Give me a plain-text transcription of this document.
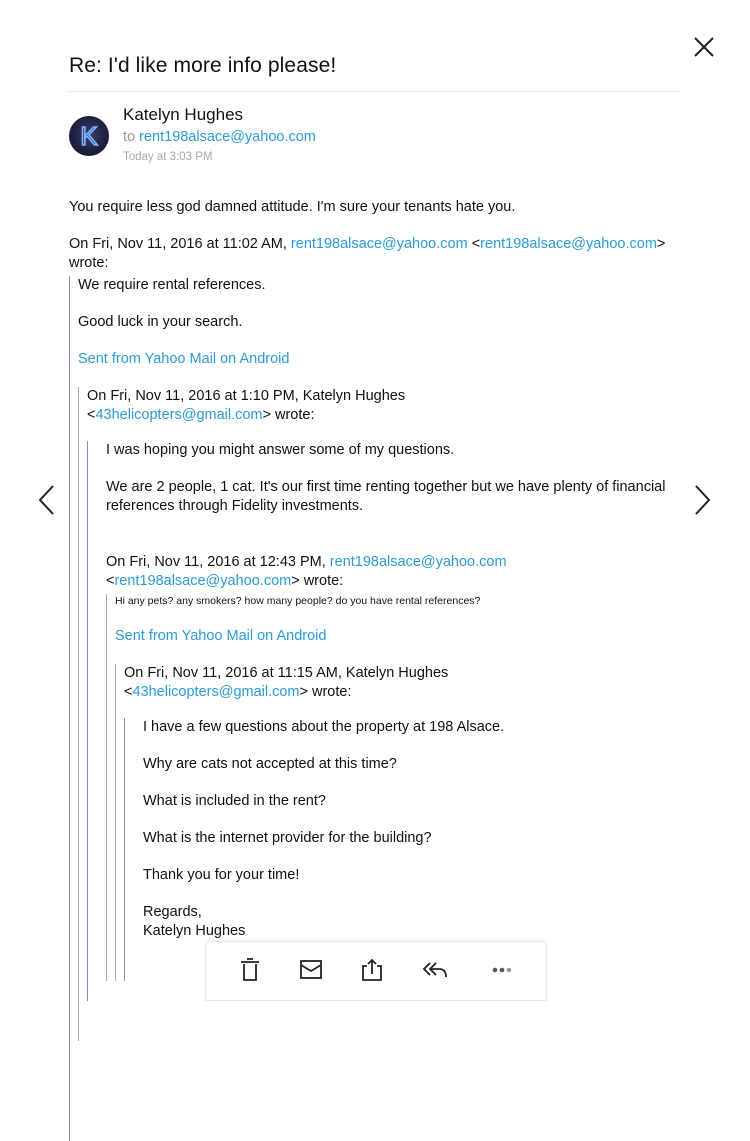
Re: I'd like more info please!
K
Katelyn Hughes
to rent198alsace@yahoo.com
Today at 3:03 PM

You require less god damned attitude. I'm sure your tenants hate you.

On Fri, Nov 11, 2016 at 11:02 AM, rent198alsace@yahoo.com <rent198alsace@yahoo.com> wrote:

We require rental references.

Good luck in your search.

Sent from Yahoo Mail on Android

On Fri, Nov 11, 2016 at 1:10 PM, Katelyn Hughes
<43helicopters@gmail.com> wrote:

I was hoping you might answer some of my questions.

We are 2 people, 1 cat. It's our first time renting together but we have plenty of financial references through Fidelity investments.

On Fri, Nov 11, 2016 at 12:43 PM, rent198alsace@yahoo.com
<rent198alsace@yahoo.com> wrote:

Hi any pets? any smokers? how many people? do you have rental references?

Sent from Yahoo Mail on Android

On Fri, Nov 11, 2016 at 11:15 AM, Katelyn Hughes
<43helicopters@gmail.com> wrote:

I have a few questions about the property at 198 Alsace.

Why are cats not accepted at this time?

What is included in the rent?

What is the internet provider for the building?

Thank you for your time!

Regards,

Katelyn Hughes
